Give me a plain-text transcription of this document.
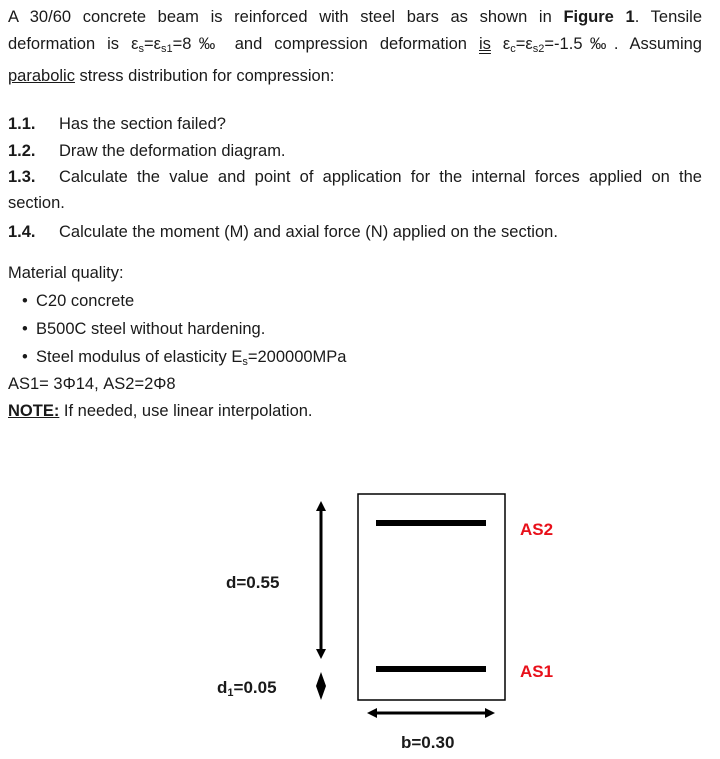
A 30/60 concrete beam is reinforced with steel bars as shown in Figure 1. Tensile
deformation is $\varepsilon_s=\varepsilon_{s1}=8‰$ and compression deformation is $\varepsilon_c=\varepsilon_{s2}=-1.5‰$. Assuming
parabolic stress distribution for compression:
1.1. Has the section failed?
1.2. Draw the deformation diagram.
1.3. Calculate the value and point of application for the internal forces applied on the
section.
1.4. Calculate the moment (M) and axial force (N) applied on the section.
Material quality:
• C20 concrete
• B500C steel without hardening.
• Steel modulus of elasticity $E_s=200000MPa$
AS1= 3Φ14, AS2=2Φ8
NOTE: If needed, use linear interpolation.
d=0.55
$d_1=0.05$
b=0.30
AS2
AS1
